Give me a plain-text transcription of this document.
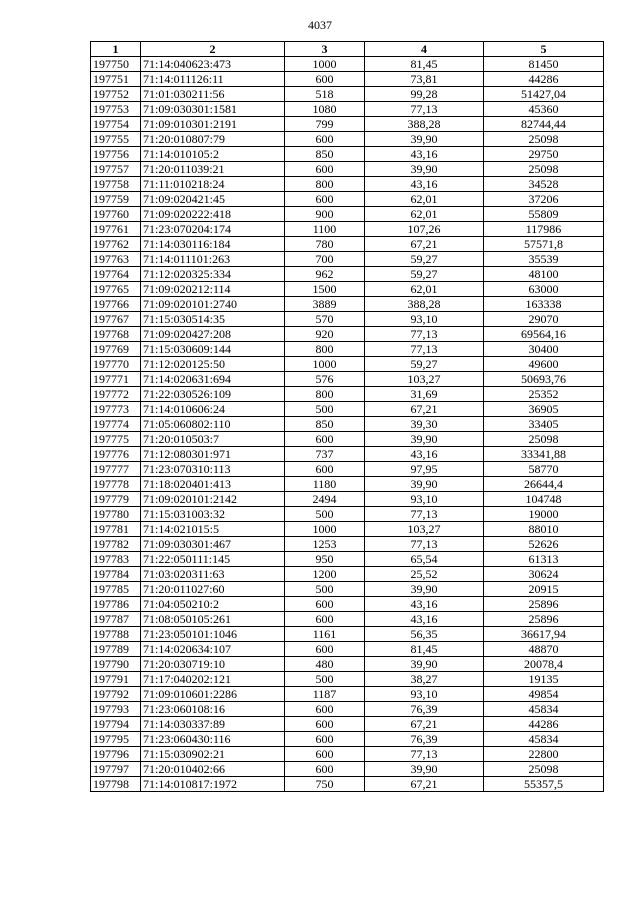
4037
1	2	3	4	5
197750	71:14:040623:473	1000	81,45	81450
197751	71:14:011126:11	600	73,81	44286
197752	71:01:030211:56	518	99,28	51427,04
197753	71:09:030301:1581	1080	77,13	45360
197754	71:09:010301:2191	799	388,28	82744,44
197755	71:20:010807:79	600	39,90	25098
197756	71:14:010105:2	850	43,16	29750
197757	71:20:011039:21	600	39,90	25098
197758	71:11:010218:24	800	43,16	34528
197759	71:09:020421:45	600	62,01	37206
197760	71:09:020222:418	900	62,01	55809
197761	71:23:070204:174	1100	107,26	117986
197762	71:14:030116:184	780	67,21	57571,8
197763	71:14:011101:263	700	59,27	35539
197764	71:12:020325:334	962	59,27	48100
197765	71:09:020212:114	1500	62,01	63000
197766	71:09:020101:2740	3889	388,28	163338
197767	71:15:030514:35	570	93,10	29070
197768	71:09:020427:208	920	77,13	69564,16
197769	71:15:030609:144	800	77,13	30400
197770	71:12:020125:50	1000	59,27	49600
197771	71:14:020631:694	576	103,27	50693,76
197772	71:22:030526:109	800	31,69	25352
197773	71:14:010606:24	500	67,21	36905
197774	71:05:060802:110	850	39,30	33405
197775	71:20:010503:7	600	39,90	25098
197776	71:12:080301:971	737	43,16	33341,88
197777	71:23:070310:113	600	97,95	58770
197778	71:18:020401:413	1180	39,90	26644,4
197779	71:09:020101:2142	2494	93,10	104748
197780	71:15:031003:32	500	77,13	19000
197781	71:14:021015:5	1000	103,27	88010
197782	71:09:030301:467	1253	77,13	52626
197783	71:22:050111:145	950	65,54	61313
197784	71:03:020311:63	1200	25,52	30624
197785	71:20:011027:60	500	39,90	20915
197786	71:04:050210:2	600	43,16	25896
197787	71:08:050105:261	600	43,16	25896
197788	71:23:050101:1046	1161	56,35	36617,94
197789	71:14:020634:107	600	81,45	48870
197790	71:20:030719:10	480	39,90	20078,4
197791	71:17:040202:121	500	38,27	19135
197792	71:09:010601:2286	1187	93,10	49854
197793	71:23:060108:16	600	76,39	45834
197794	71:14:030337:89	600	67,21	44286
197795	71:23:060430:116	600	76,39	45834
197796	71:15:030902:21	600	77,13	22800
197797	71:20:010402:66	600	39,90	25098
197798	71:14:010817:1972	750	67,21	55357,5
